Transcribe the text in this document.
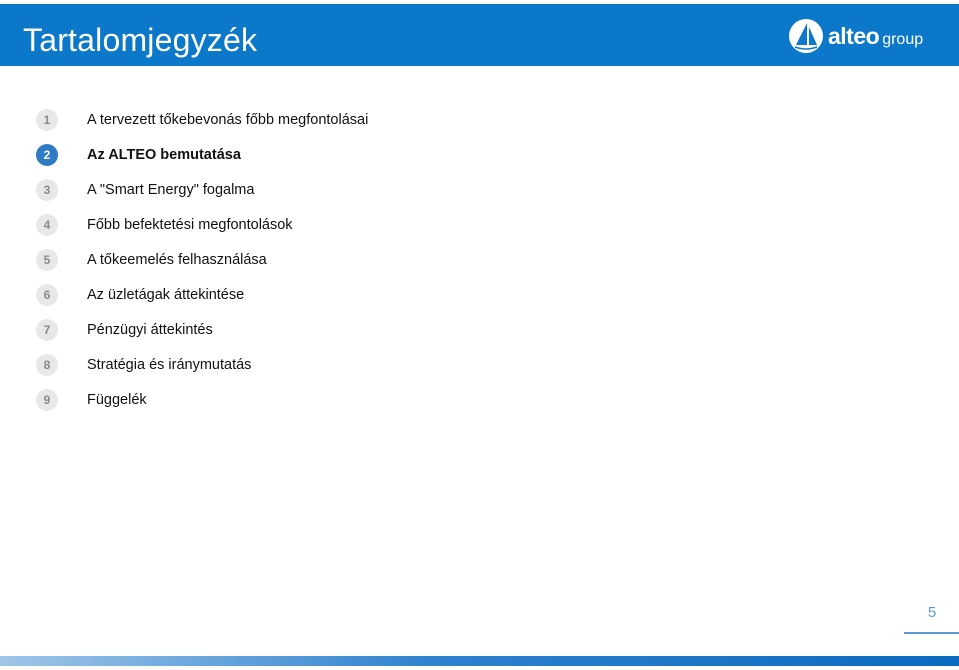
Tartalomjegyzék	alteo group
1	A tervezett tőkebevonás főbb megfontolásai
2	Az ALTEO bemutatása
3	A "Smart Energy" fogalma
4	Főbb befektetési megfontolások
5	A tőkeemelés felhasználása
6	Az üzletágak áttekintése
7	Pénzügyi áttekintés
8	Stratégia és iránymutatás
9	Függelék
5
